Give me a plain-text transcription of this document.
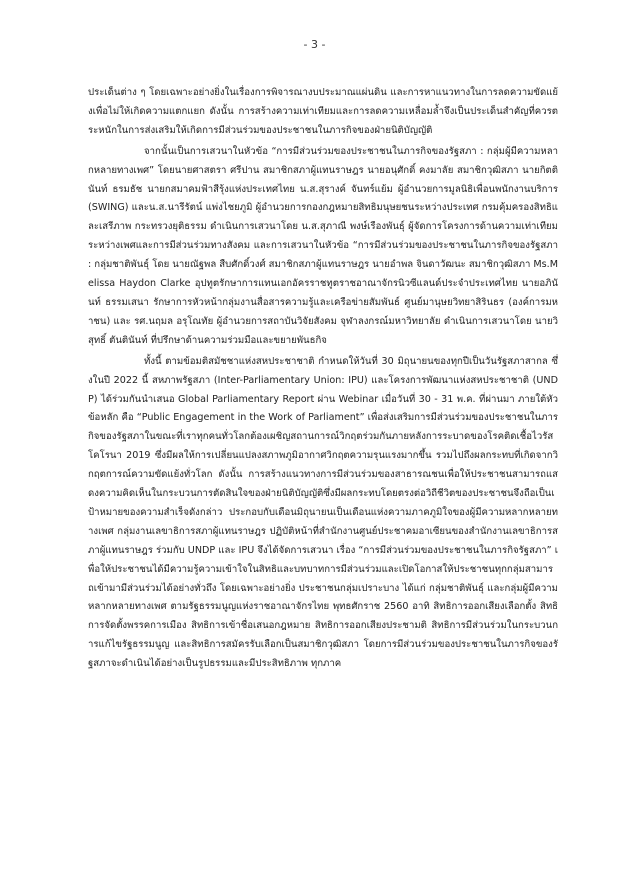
- 3 -

ประเด็นต่าง ๆ โดยเฉพาะอย่างยิ่งในเรื่องการพิจารณางบประมาณแผ่นดิน และการหาแนวทางในการลดความขัดแย้งเพื่อไม่ให้เกิดความแตกแยก ดังนั้น การสร้างความเท่าเทียมและการลดความเหลื่อมล้ำจึงเป็นประเด็นสำคัญที่ควรตระหนักในการส่งเสริมให้เกิดการมีส่วนร่วมของประชาชนในภารกิจของฝ่ายนิติบัญญัติ

จากนั้นเป็นการเสวนาในหัวข้อ “การมีส่วนร่วมของประชาชนในภารกิจของรัฐสภา : กลุ่มผู้มีความหลากหลายทางเพศ” โดยนายศาสตรา ศรีปาน สมาชิกสภาผู้แทนราษฎร นายอนุศักดิ์ คงมาลัย สมาชิกวุฒิสภา นายกิตตินันท์ ธรมธัช นายกสมาคมฟ้าสีรุ้งแห่งประเทศไทย น.ส.สุรางค์ จันทร์แย้ม ผู้อำนวยการมูลนิธิเพื่อนพนักงานบริการ (SWING) และน.ส.นารีรัตน์ แพ่งไชยภูมิ ผู้อำนวยการกองกฎหมายสิทธิมนุษยชนระหว่างประเทศ กรมคุ้มครองสิทธิและเสรีภาพ กระทรวงยุติธรรม ดำเนินการเสวนาโดย น.ส.สุภาณี พงษ์เรืองพันธุ์ ผู้จัดการโครงการด้านความเท่าเทียมระหว่างเพศและการมีส่วนร่วมทางสังคม และการเสวนาในหัวข้อ “การมีส่วนร่วมของประชาชนในภารกิจของรัฐสภา : กลุ่มชาติพันธุ์ โดย นายณัฐพล สืบศักดิ์วงศ์ สมาชิกสภาผู้แทนราษฎร นายอำพล จินดาวัฒนะ สมาชิกวุฒิสภา Ms.Melissa Haydon Clarke อุปทูตรักษาการแทนเอกอัครราชทูตราชอาณาจักรนิวซีแลนด์ประจำประเทศไทย นายอภินันท์ ธรรมเสนา รักษาการหัวหน้ากลุ่มงานสื่อสารความรู้และเครือข่ายสัมพันธ์ ศูนย์มานุษยวิทยาสิรินธร (องค์การมหาชน) และ รศ.นฤมล อรุโณทัย ผู้อำนวยการสถาบันวิจัยสังคม จุฬาลงกรณ์มหาวิทยาลัย ดำเนินการเสวนาโดย นายวิสุทธิ์ ตันตินันท์ ที่ปรึกษาด้านความร่วมมือและขยายพันธกิจ

ทั้งนี้ ตามข้อมติสมัชชาแห่งสหประชาชาติ กำหนดให้วันที่ 30 มิถุนายนของทุกปีเป็นวันรัฐสภาสากล ซึ่งในปี 2022 นี้ สหภาพรัฐสภา (Inter-Parliamentary Union: IPU) และโครงการพัฒนาแห่งสหประชาชาติ (UNDP) ได้ร่วมกันนำเสนอ Global Parliamentary Report ผ่าน Webinar เมื่อวันที่ 30 - 31 พ.ค. ที่ผ่านมา ภายใต้หัวข้อหลัก คือ “Public Engagement in the Work of Parliament” เพื่อส่งเสริมการมีส่วนร่วมของประชาชนในภารกิจของรัฐสภาในขณะที่เราทุกคนทั่วโลกต้องเผชิญสถานการณ์วิกฤตร่วมกันภายหลังการระบาดของโรคติดเชื้อไวรัสโคโรนา 2019 ซึ่งมีผลให้การเปลี่ยนแปลงสภาพภูมิอากาศวิกฤตความรุนแรงมากขึ้น รวมไปถึงผลกระทบที่เกิดจากวิกฤตการณ์ความขัดแย้งทั่วโลก ดังนั้น การสร้างแนวทางการมีส่วนร่วมของสาธารณชนเพื่อให้ประชาชนสามารถแสดงความคิดเห็นในกระบวนการตัดสินใจของฝ่ายนิติบัญญัติซึ่งมีผลกระทบโดยตรงต่อวิถีชีวิตของประชาชนจึงถือเป็นเป้าหมายของความสำเร็จดังกล่าว ประกอบกับเดือนมิถุนายนเป็นเดือนแห่งความภาคภูมิใจของผู้มีความหลากหลายทางเพศ กลุ่มงานเลขาธิการสภาผู้แทนราษฎร ปฏิบัติหน้าที่สำนักงานศูนย์ประชาคมอาเซียนของสำนักงานเลขาธิการสภาผู้แทนราษฎร ร่วมกับ UNDP และ IPU จึงได้จัดการเสวนา เรื่อง “การมีส่วนร่วมของประชาชนในภารกิจรัฐสภา” เพื่อให้ประชาชนได้มีความรู้ความเข้าใจในสิทธิและบทบาทการมีส่วนร่วมและเปิดโอกาสให้ประชาชนทุกกลุ่มสามารถเข้ามามีส่วนร่วมได้อย่างทั่วถึง โดยเฉพาะอย่างยิ่ง ประชาชนกลุ่มเปราะบาง ได้แก่ กลุ่มชาติพันธุ์ และกลุ่มผู้มีความหลากหลายทางเพศ ตามรัฐธรรมนูญแห่งราชอาณาจักรไทย พุทธศักราช 2560 อาทิ สิทธิการออกเสียงเลือกตั้ง สิทธิการจัดตั้งพรรคการเมือง สิทธิการเข้าชื่อเสนอกฎหมาย สิทธิการออกเสียงประชามติ สิทธิการมีส่วนร่วมในกระบวนการแก้ไขรัฐธรรมนูญ และสิทธิการสมัครรับเลือกเป็นสมาชิกวุฒิสภา โดยการมีส่วนร่วมของประชาชนในภารกิจของรัฐสภาจะดำเนินได้อย่างเป็นรูปธรรมและมีประสิทธิภาพ ทุกภาค
